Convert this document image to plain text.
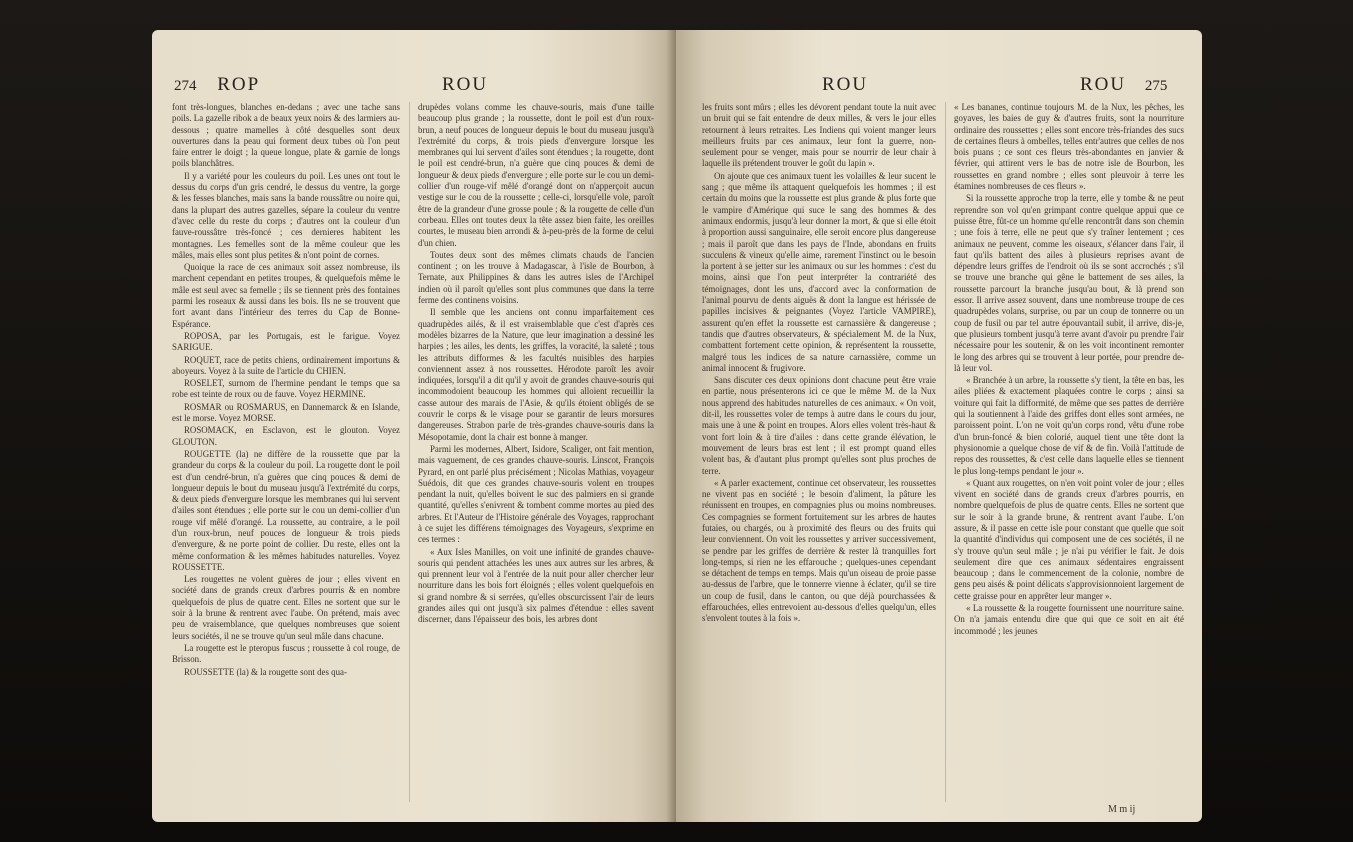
274 ROP	ROU

font très-longues, blanches en-dedans ; avec une tache sans poils. La gazelle ribok a de beaux yeux noirs & des larmiers au-dessous ; quatre mamelles à côté desquelles sont deux ouvertures dans la peau qui forment deux tubes où l'on peut faire entrer le doigt ; la queue longue, plate & garnie de longs poils blanchâtres.

Il y a variété pour les couleurs du poil. Les unes ont tout le dessus du corps d'un gris cendré, le dessus du ventre, la gorge & les fesses blanches, mais sans la bande roussâtre ou noire qui, dans la plupart des autres gazelles, sépare la couleur du ventre d'avec celle du reste du corps ; d'autres ont la couleur d'un fauve-roussâtre très-foncé ; ces dernieres habitent les montagnes. Les femelles sont de la même couleur que les mâles, mais elles sont plus petites & n'ont point de cornes.

Quoique la race de ces animaux soit assez nombreuse, ils marchent cependant en petites troupes, & quelquefois même le mâle est seul avec sa femelle ; ils se tiennent près des fontaines parmi les roseaux & aussi dans les bois. Ils ne se trouvent que fort avant dans l'intérieur des terres du Cap de Bonne-Espérance.

ROPOSA, par les Portugais, est le farigue. Voyez SARIGUE.

ROQUET, race de petits chiens, ordinairement importuns & aboyeurs. Voyez à la suite de l'article du CHIEN.

ROSELET, surnom de l'hermine pendant le temps que sa robe est teinte de roux ou de fauve. Voyez HERMINE.

ROSMAR ou ROSMARUS, en Dannemarck & en Islande, est le morse. Voyez MORSE.

ROSOMACK, en Esclavon, est le glouton. Voyez GLOUTON.

ROUGETTE (la) ne diffère de la roussette que par la grandeur du corps & la couleur du poil. La rougette dont le poil est d'un cendré-brun, n'a guères que cinq pouces & demi de longueur depuis le bout du museau jusqu'à l'extrémité du corps, & deux pieds d'envergure lorsque les membranes qui lui servent d'ailes sont étendues ; elle porte sur le cou un demi-collier d'un rouge vif mêlé d'orangé. La roussette, au contraire, a le poil d'un roux-brun, neuf pouces de longueur & trois pieds d'envergure, & ne porte point de collier. Du reste, elles ont la même conformation & les mêmes habitudes naturelles. Voyez ROUSSETTE.

Les rougettes ne volent guères de jour ; elles vivent en société dans de grands creux d'arbres pourris & en nombre quelquefois de plus de quatre cent. Elles ne sortent que sur le soir à la brune & rentrent avec l'aube. On prétend, mais avec peu de vraisemblance, que quelques nombreuses que soient leurs sociétés, il ne se trouve qu'un seul mâle dans chacune.

La rougette est le pteropus fuscus ; roussette à col rouge, de Brisson.

ROUSSETTE (la) & la rougette sont des qua-

drupèdes volans comme les chauve-souris, mais d'une taille beaucoup plus grande ; la roussette, dont le poil est d'un roux-brun, a neuf pouces de longueur depuis le bout du museau jusqu'à l'extrémité du corps, & trois pieds d'envergure lorsque les membranes qui lui servent d'ailes sont étendues ; la rougette, dont le poil est cendré-brun, n'a guère que cinq pouces & demi de longueur & deux pieds d'envergure ; elle porte sur le cou un demi-collier d'un rouge-vif mêlé d'orangé dont on n'apperçoit aucun vestige sur le cou de la roussette ; celle-ci, lorsqu'elle vole, paroît être de la grandeur d'une grosse poule ; & la rougette de celle d'un corbeau. Elles ont toutes deux la tête assez bien faite, les oreilles courtes, le museau bien arrondi & à-peu-près de la forme de celui d'un chien.

Toutes deux sont des mêmes climats chauds de l'ancien continent ; on les trouve à Madagascar, à l'isle de Bourbon, à Ternate, aux Philippines & dans les autres isles de l'Archipel indien où il paroît qu'elles sont plus communes que dans la terre ferme des continens voisins.

Il semble que les anciens ont connu imparfaitement ces quadrupèdes ailés, & il est vraisemblable que c'est d'après ces modèles bizarres de la Nature, que leur imagination a dessiné les harpies ; les ailes, les dents, les griffes, la voracité, la saleté ; tous les attributs difformes & les facultés nuisibles des harpies conviennent assez à nos roussettes. Hérodote paroît les avoir indiquées, lorsqu'il a dit qu'il y avoit de grandes chauve-souris qui incommodoient beaucoup les hommes qui alloient recueillir la casse autour des marais de l'Asie, & qu'ils étoient obligés de se couvrir le corps & le visage pour se garantir de leurs morsures dangereuses. Strabon parle de très-grandes chauve-souris dans la Mésopotamie, dont la chair est bonne à manger.

Parmi les modernes, Albert, Isidore, Scaliger, ont fait mention, mais vaguement, de ces grandes chauve-souris. Linscot, François Pyrard, en ont parlé plus précisément ; Nicolas Mathias, voyageur Suédois, dit que ces grandes chauve-souris volent en troupes pendant la nuit, qu'elles boivent le suc des palmiers en si grande quantité, qu'elles s'enivrent & tombent comme mortes au pied des arbres. Et l'Auteur de l'Histoire générale des Voyages, rapprochant à ce sujet les différens témoignages des Voyageurs, s'exprime en ces termes :

« Aux Isles Manilles, on voit une infinité de grandes chauve-souris qui pendent attachées les unes aux autres sur les arbres, & qui prennent leur vol à l'entrée de la nuit pour aller chercher leur nourriture dans les bois fort éloignés ; elles volent quelquefois en si grand nombre & si serrées, qu'elles obscurcissent l'air de leurs grandes ailes qui ont jusqu'à six palmes d'étendue : elles savent discerner, dans l'épaisseur des bois, les arbres dont

ROU	ROU 275

les fruits sont mûrs ; elles les dévorent pendant toute la nuit avec un bruit qui se fait entendre de deux milles, & vers le jour elles retournent à leurs retraites. Les Indiens qui voient manger leurs meilleurs fruits par ces animaux, leur font la guerre, non-seulement pour se venger, mais pour se nourrir de leur chair à laquelle ils prétendent trouver le goût du lapin ».

On ajoute que ces animaux tuent les volailles & leur sucent le sang ; que même ils attaquent quelquefois les hommes ; il est certain du moins que la roussette est plus grande & plus forte que le vampire d'Amérique qui suce le sang des hommes & des animaux endormis, jusqu'à leur donner la mort, & que si elle étoit à proportion aussi sanguinaire, elle seroit encore plus dangereuse ; mais il paroît que dans les pays de l'Inde, abondans en fruits succulens & vineux qu'elle aime, rarement l'instinct ou le besoin la portent à se jetter sur les animaux ou sur les hommes : c'est du moins, ainsi que l'on peut interpréter la contrariété des témoignages, dont les uns, d'accord avec la conformation de l'animal pourvu de dents aiguës & dont la langue est hérissée de papilles incisives & peignantes (Voyez l'article VAMPIRE), assurent qu'en effet la roussette est carnassière & dangereuse ; tandis que d'autres observateurs, & spécialement M. de la Nux, combattent fortement cette opinion, & représentent la roussette, malgré tous les indices de sa nature carnassière, comme un animal innocent & frugivore.

Sans discuter ces deux opinions dont chacune peut être vraie en partie, nous présenterons ici ce que le même M. de la Nux nous apprend des habitudes naturelles de ces animaux. « On voit, dit-il, les roussettes voler de temps à autre dans le cours du jour, mais une à une & point en troupes. Alors elles volent très-haut & vont fort loin & à tire d'ailes : dans cette grande élévation, le mouvement de leurs bras est lent ; il est prompt quand elles volent bas, & d'autant plus prompt qu'elles sont plus proches de terre.

« A parler exactement, continue cet observateur, les roussettes ne vivent pas en société ; le besoin d'aliment, la pâture les réunissent en troupes, en compagnies plus ou moins nombreuses. Ces compagnies se forment fortuitement sur les arbres de hautes futaies, ou chargés, ou à proximité des fleurs ou des fruits qui leur conviennent. On voit les roussettes y arriver successivement, se pendre par les griffes de derrière & rester là tranquilles fort long-temps, si rien ne les effarouche ; quelques-unes cependant se détachent de temps en temps. Mais qu'un oiseau de proie passe au-dessus de l'arbre, que le tonnerre vienne à éclater, qu'il se tire un coup de fusil, dans le canton, ou que déjà pourchassées & effarouchées, elles entrevoient au-dessous d'elles quelqu'un, elles s'envolent toutes à la fois ».

« Les bananes, continue toujours M. de la Nux, les pêches, les goyaves, les baies de guy & d'autres fruits, sont la nourriture ordinaire des roussettes ; elles sont encore très-friandes des sucs de certaines fleurs à ombelles, telles entr'autres que celles de nos bois puans ; ce sont ces fleurs très-abondantes en janvier & février, qui attirent vers le bas de notre isle de Bourbon, les roussettes en grand nombre ; elles sont pleuvoir à terre les étamines nombreuses de ces fleurs ».

Si la roussette approche trop la terre, elle y tombe & ne peut reprendre son vol qu'en grimpant contre quelque appui que ce puisse être, fût-ce un homme qu'elle rencontrât dans son chemin ; une fois à terre, elle ne peut que s'y traîner lentement ; ces animaux ne peuvent, comme les oiseaux, s'élancer dans l'air, il faut qu'ils battent des ailes à plusieurs reprises avant de dépendre leurs griffes de l'endroit où ils se sont accrochés ; s'il se trouve une branche qui gêne le battement de ses ailes, la roussette parcourt la branche jusqu'au bout, & là prend son essor. Il arrive assez souvent, dans une nombreuse troupe de ces quadrupèdes volans, surprise, ou par un coup de tonnerre ou un coup de fusil ou par tel autre épouvantail subit, il arrive, dis-je, que plusieurs tombent jusqu'à terre avant d'avoir pu prendre l'air nécessaire pour les soutenir, & on les voit incontinent remonter le long des arbres qui se trouvent à leur portée, pour prendre de-là leur vol.

« Branchée à un arbre, la roussette s'y tient, la tête en bas, les ailes pliées & exactement plaquées contre le corps ; ainsi sa voiture qui fait la difformité, de même que ses pattes de derrière qui la soutiennent à l'aide des griffes dont elles sont armées, ne paroissent point. L'on ne voit qu'un corps rond, vêtu d'une robe d'un brun-foncé & bien colorié, auquel tient une tête dont la physionomie a quelque chose de vif & de fin. Voilà l'attitude de repos des roussettes, & c'est celle dans laquelle elles se tiennent le plus long-temps pendant le jour ».

« Quant aux rougettes, on n'en voit point voler de jour ; elles vivent en société dans de grands creux d'arbres pourris, en nombre quelquefois de plus de quatre cents. Elles ne sortent que sur le soir à la grande brune, & rentrent avant l'aube. L'on assure, & il passe en cette isle pour constant que quelle que soit la quantité d'individus qui composent une de ces sociétés, il ne s'y trouve qu'un seul mâle ; je n'ai pu vérifier le fait. Je dois seulement dire que ces animaux sédentaires engraissent beaucoup ; dans le commencement de la colonie, nombre de gens peu aisés & point délicats s'approvisionnoient largement de cette graisse pour en apprêter leur manger ».

« La roussette & la rougette fournissent une nourriture saine. On n'a jamais entendu dire que qui que ce soit en ait été incommodé ; les jeunes

M m ij
